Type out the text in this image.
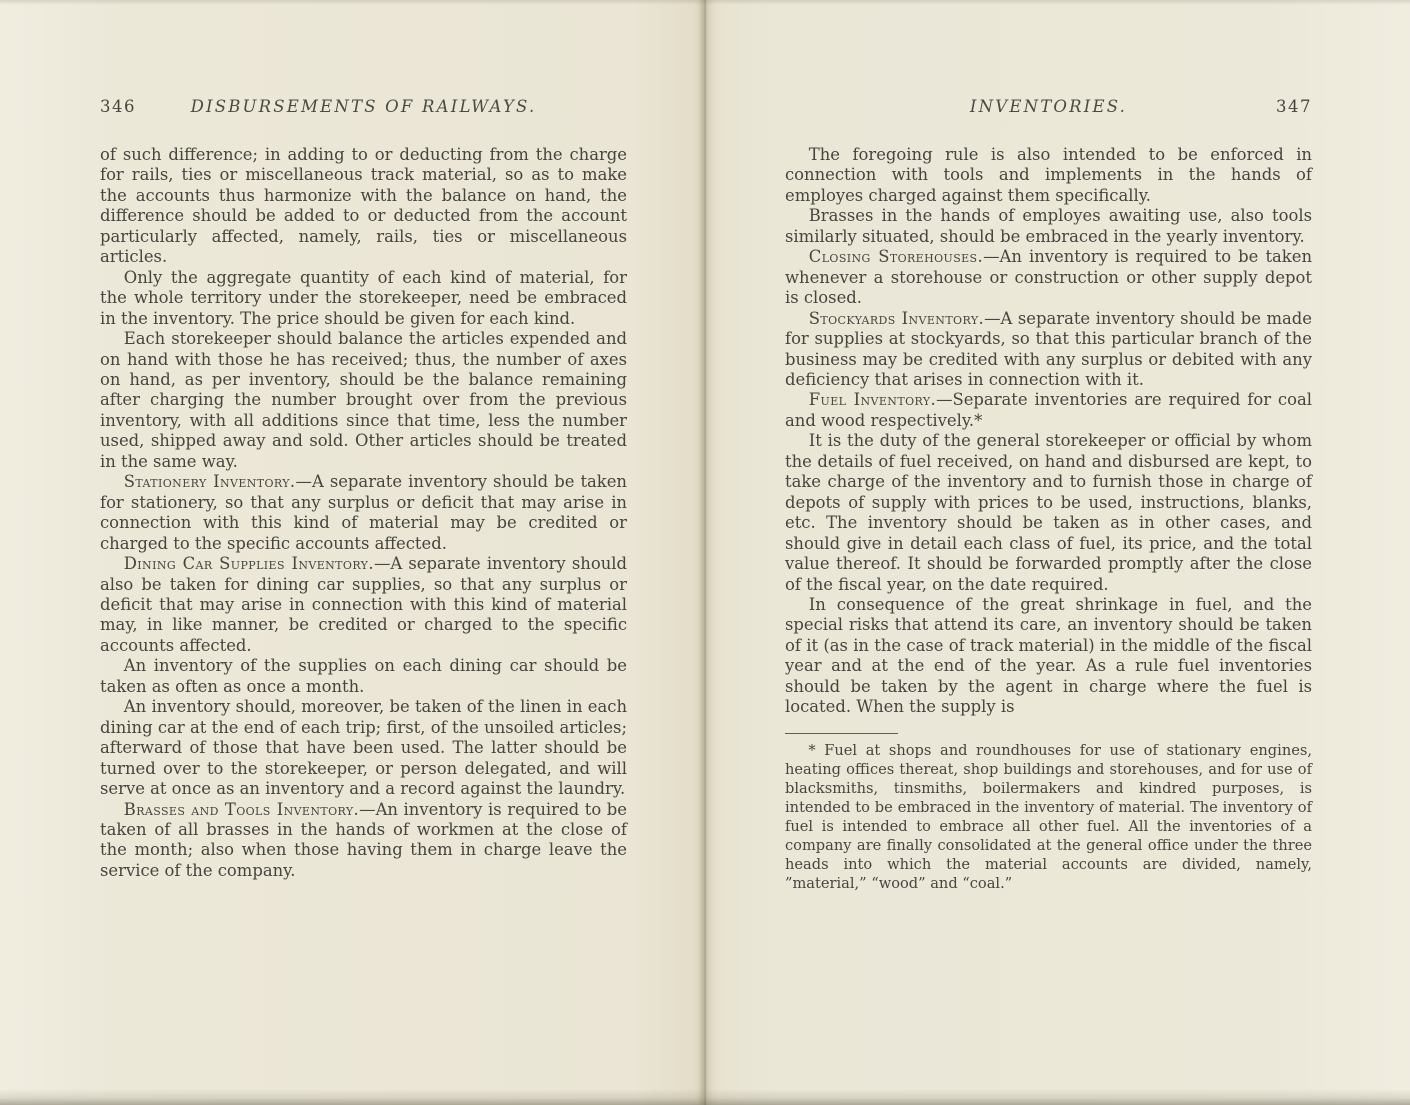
346	DISBURSEMENTS OF RAILWAYS.

of such difference; in adding to or deducting from the charge for rails, ties or miscellaneous track material, so as to make the accounts thus harmonize with the balance on hand, the difference should be added to or deducted from the account particularly affected, namely, rails, ties or miscellaneous articles.

Only the aggregate quantity of each kind of material, for the whole territory under the storekeeper, need be embraced in the inventory. The price should be given for each kind.

Each storekeeper should balance the articles expended and on hand with those he has received; thus, the number of axes on hand, as per inventory, should be the balance remaining after charging the number brought over from the previous inventory, with all additions since that time, less the number used, shipped away and sold. Other articles should be treated in the same way.

Stationery Inventory.—A separate inventory should be taken for stationery, so that any surplus or deficit that may arise in connection with this kind of material may be credited or charged to the specific accounts affected.

Dining Car Supplies Inventory.—A separate inventory should also be taken for dining car supplies, so that any surplus or deficit that may arise in connection with this kind of material may, in like manner, be credited or charged to the specific accounts affected.

An inventory of the supplies on each dining car should be taken as often as once a month.

An inventory should, moreover, be taken of the linen in each dining car at the end of each trip; first, of the unsoiled articles; afterward of those that have been used. The latter should be turned over to the storekeeper, or person delegated, and will serve at once as an inventory and a record against the laundry.

Brasses and Tools Inventory.—An inventory is required to be taken of all brasses in the hands of workmen at the close of the month; also when those having them in charge leave the service of the company.

INVENTORIES.	347

The foregoing rule is also intended to be enforced in connection with tools and implements in the hands of employes charged against them specifically.

Brasses in the hands of employes awaiting use, also tools similarly situated, should be embraced in the yearly inventory.

Closing Storehouses.—An inventory is required to be taken whenever a storehouse or construction or other supply depot is closed.

Stockyards Inventory.—A separate inventory should be made for supplies at stockyards, so that this particular branch of the business may be credited with any surplus or debited with any deficiency that arises in connection with it.

Fuel Inventory.—Separate inventories are required for coal and wood respectively.*

It is the duty of the general storekeeper or official by whom the details of fuel received, on hand and disbursed are kept, to take charge of the inventory and to furnish those in charge of depots of supply with prices to be used, instructions, blanks, etc. The inventory should be taken as in other cases, and should give in detail each class of fuel, its price, and the total value thereof. It should be forwarded promptly after the close of the fiscal year, on the date required.

In consequence of the great shrinkage in fuel, and the special risks that attend its care, an inventory should be taken of it (as in the case of track material) in the middle of the fiscal year and at the end of the year. As a rule fuel inventories should be taken by the agent in charge where the fuel is located. When the supply is

* Fuel at shops and roundhouses for use of stationary engines, heating offices thereat, shop buildings and storehouses, and for use of blacksmiths, tinsmiths, boilermakers and kindred purposes, is intended to be embraced in the inventory of material. The inventory of fuel is intended to embrace all other fuel. All the inventories of a company are finally consolidated at the general office under the three heads into which the material accounts are divided, namely, ”material,” “wood” and “coal.”
